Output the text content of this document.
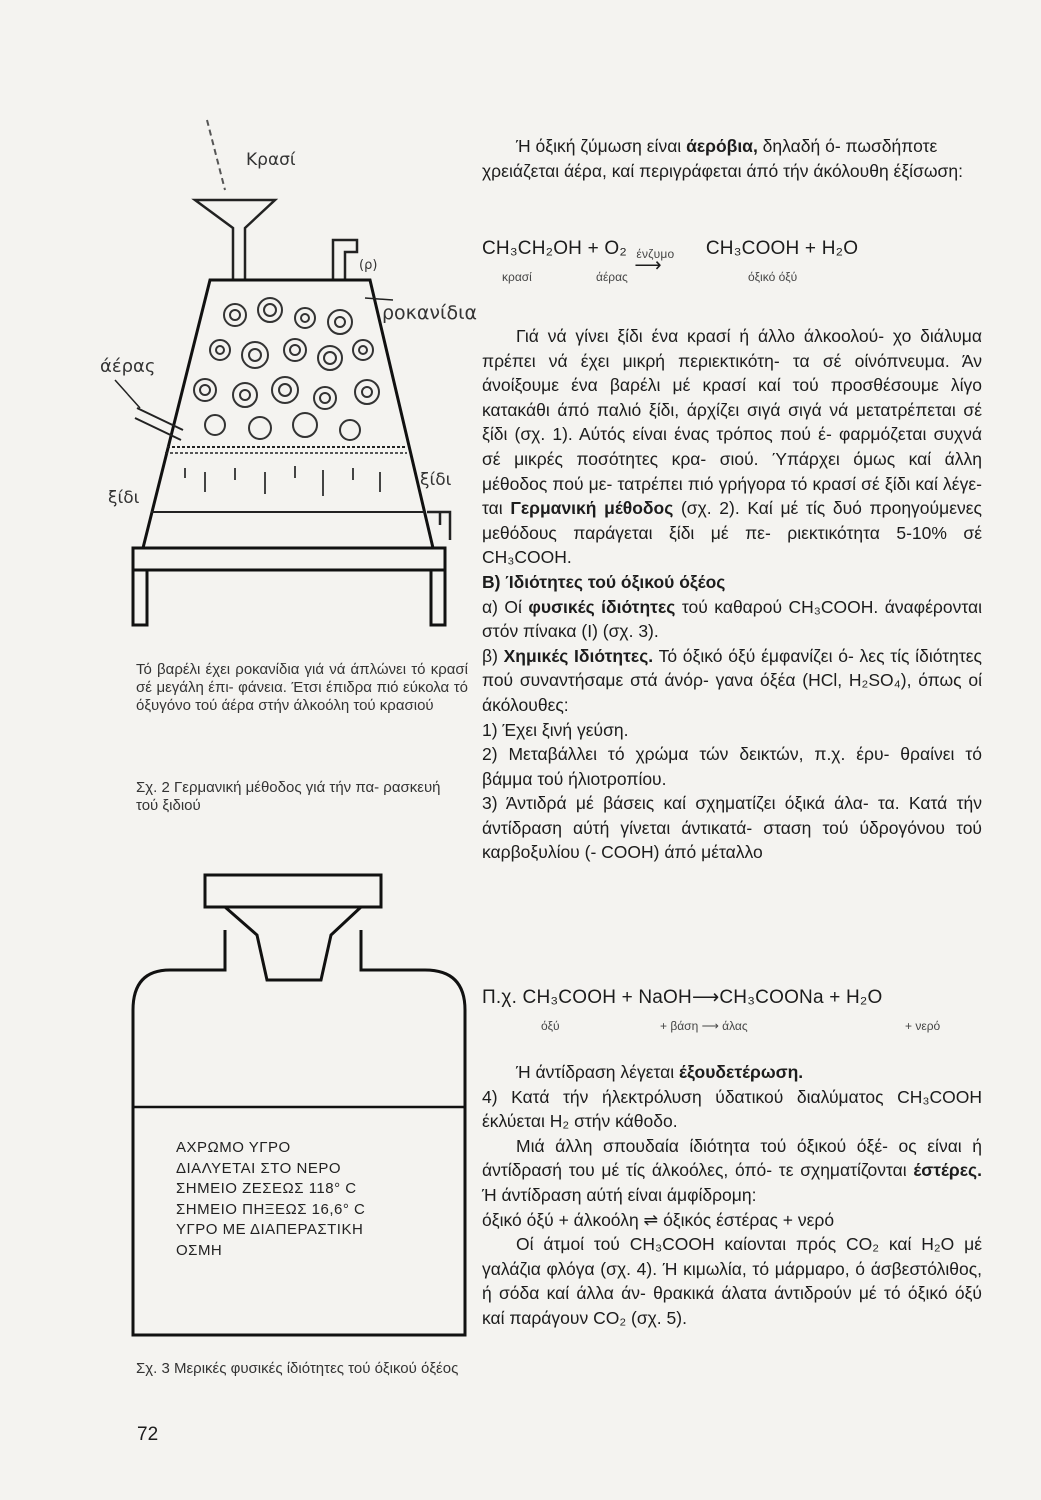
Κρασί
(ρ)
ροκανίδια
άέρας
ξίδι
ξίδι
Τό βαρέλι έχει ροκανίδια γιά νά άπλώνει τό κρασί σέ μεγάλη έπι- φάνεια. Έτσι έπιδρα πιό εύκολα τό όξυγόνο τού άέρα στήν άλκοόλη τού κρασιού
Σχ. 2 Γερμανική μέθοδος γιά τήν πα- ρασκευή τού ξιδιού
ΑΧΡΩΜΟ ΥΓΡΟ
ΔΙΑΛΥΕΤΑΙ ΣΤΟ ΝΕΡΟ
ΣΗΜΕΙΟ ΖΕΣΕΩΣ 118° C
ΣΗΜΕΙΟ ΠΗΞΕΩΣ 16,6° C
ΥΓΡΟ ΜΕ ΔΙΑΠΕΡΑΣΤΙΚΗ
ΟΣΜΗ
Σχ. 3 Μερικές φυσικές ίδιότητες τού όξικού όξέος
72

Ή όξική ζύμωση είναι άερόβια, δηλαδή ό- πωσδήποτε χρειάζεται άέρα, καί περιγράφεται άπό τήν άκόλουθη έξίσωση:

CH₃CH₂OH + O₂ ένζυμο
⟶
CH₃COOH + H₂O
κρασί	άέρας	όξικό όξύ

Γιά νά γίνει ξίδι ένα κρασί ή άλλο άλκοολού- χο διάλυμα πρέπει νά έχει μικρή περιεκτικότη- τα σέ οίνόπνευμα. Άν άνοίξουμε ένα βαρέλι μέ κρασί καί τού προσθέσουμε λίγο κατακάθι άπό παλιό ξίδι, άρχίζει σιγά σιγά νά μετατρέπεται σέ ξίδι (σχ. 1). Αύτός είναι ένας τρόπος πού έ- φαρμόζεται συχνά σέ μικρές ποσότητες κρα- σιού. Ύπάρχει όμως καί άλλη μέθοδος πού με- τατρέπει πιό γρήγορα τό κρασί σέ ξίδι καί λέγε- ται Γερμανική μέθοδος (σχ. 2). Καί μέ τίς δυό προηγούμενες μεθόδους παράγεται ξίδι μέ πε- ριεκτικότητα 5-10% σέ CH₃COOH.

B) Ίδιότητες τού όξικού όξέος

α) Οί φυσικές ίδιότητες τού καθαρού CH₃COOH. άναφέρονται στόν πίνακα (Ι) (σχ. 3).

β) Χημικές Ιδιότητες. Τό όξικό όξύ έμφανίζει ό- λες τίς ίδιότητες πού συναντήσαμε στά άνόρ- γανα όξέα (HCl, H₂SO₄), όπως οί άκόλουθες:

1) Έχει ξινή γεύση.

2) Μεταβάλλει τό χρώμα τών δεικτών, π.χ. έρυ- θραίνει τό βάμμα τού ήλιοτροπίου.

3) Άντιδρά μέ βάσεις καί σχηματίζει όξικά άλα- τα. Κατά τήν άντίδραση αύτή γίνεται άντικατά- σταση τού ύδρογόνου τού καρβοξυλίου (- COOH) άπό μέταλλο

Π.χ. CH₃COOH + NaOH⟶CH₃COONa + H₂O
όξύ	+ βάση ⟶ άλας	+ νερό

Ή άντίδραση λέγεται έξουδετέρωση.

4) Κατά τήν ήλεκτρόλυση ύδατικού διαλύματος CH₃COOH έκλύεται H₂ στήν κάθοδο.

Μιά άλλη σπουδαία ίδιότητα τού όξικού όξέ- ος είναι ή άντίδρασή του μέ τίς άλκοόλες, όπό- τε σχηματίζονται έστέρες. Ή άντίδραση αύτή είναι άμφίδρομη:

όξικό όξύ + άλκοόλη ⇌ όξικός έστέρας + νερό

Οί άτμοί τού CH₃COOH καίονται πρός CO₂ καί H₂O μέ γαλάζια φλόγα (σχ. 4). Ή κιμωλία, τό μάρμαρο, ό άσβεστόλιθος, ή σόδα καί άλλα άν- θρακικά άλατα άντιδρούν μέ τό όξικό όξύ καί παράγουν CO₂ (σχ. 5).
